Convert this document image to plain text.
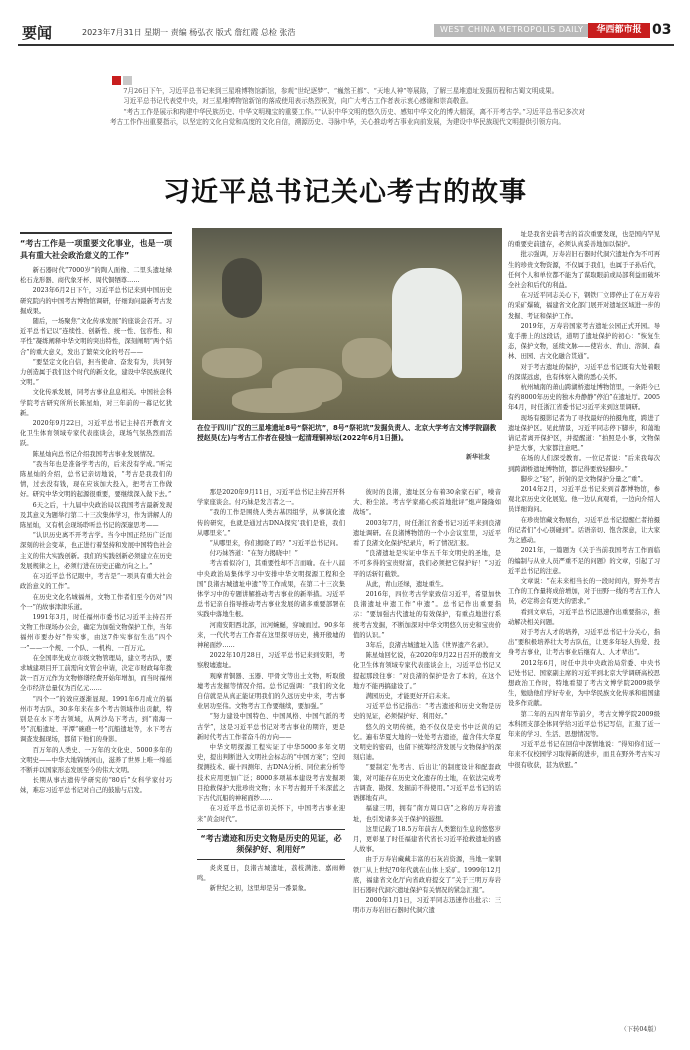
要闻	2023年7月31日 星期一 责编 杨弘衣 版式 詹红霞 总检 张浩	WEST CHINA METROPOLIS DAILY	华西都市报 03

7月26日下午，习近平总书记来到三星堆博物馆新馆，参观“世纪逐梦”、“巍然王都”、“天地人神”等展陈，了解三星堆遗址发掘历程和古蜀文明成果。

习近平总书记代表党中央，对三星堆博物馆新馆的落成使用表示热烈祝贺，向广大考古工作者表示衷心感谢和崇高敬意。

“考古工作是展示和构建中华民族历史、中华文明瑰宝的重要工作。”“认识中华文明的悠久历史、感知中华文化的博大精深，离不开考古学。”习近平总书记多次对考古工作作出重要指示，以坚定的文化自觉和高度的文化自信，溯源历史、寻脉中华，关心推动考古事业向前发展，为建设中华民族现代文明提供引领方向。

习近平总书记关心考古的故事
“考古工作是一项重要文化事业，也是一项具有重大社会政治意义的工作”

新石器时代“7000岁”的陶人面像、二里头遗址绿松石龙形器、商代象牙杯、周代铜牺尊……

2023年6月2日下午，习近平总书记来到中国历史研究院内的中国考古博物馆调研，仔细询问最新考古发掘成果。

随后，一场聚焦“文化传承发展”的座谈会召开。习近平总书记以“连续性、创新性、统一性、包容性、和平性”凝练阐释中华文明的突出特性，深刻阐明“两个结合”的重大意义，发出了繁荣文化的号召——

“要坚定文化自信，担当使命、奋发有为，共同努力创造属于我们这个时代的新文化，建设中华民族现代文明。”

文化传承发展，同考古事业息息相关。中国社会科学院考古研究所所长陈星灿，对三年前的一幕记忆犹新。

2020年9月22日，习近平总书记主持召开教育文化卫生体育领域专家代表座谈会，现场气氛热烈而活跃。

陈星灿向总书记介绍我国考古事业发展情况。

“我当年也是准备学考古的，后来没有学成。”听完陈星灿的介绍，总书记亲切地说，“考古是我我们的情，过去没有钱，现在应该加大投入，把考古工作做好。研究中华文明的起源很重要，要继续深入做下去。”

6天之后，十九届中央政治局以我国考古最新发现及其意义为题举行第二十三次集体学习，作为讲解人的陈星灿，又有机会现场聆听总书记的深邃思考——

“认识历史离不开考古学。当今中国正经历广泛而深刻的社会变革，也正进行着坚持和发展中国特色社会主义的伟大实践创新。我们的实践创新必须建立在历史发展规律之上，必须行进在历史正确方向之上。”

在习近平总书记眼中，考古是“一项具有重大社会政治意义的工作”。

在历史文化名城福州，文物工作者们至今仍对“四个一”的故事津津乐道。

1991年3月，时任福州市委书记习近平主持召开文物工作现场办公会，确定为加强文物保护工作，当年福州市要办好“件实事，由这7件实事衍生出“四个一”——一个规、一个队、一机构、一百万元。

在全国率先成立市级文物管理局，建立考古队，要求城建项目开工前需向文管会申请，决定市财政每年拨款一百万元作为文物修缮经费开始年增加，而当时福州全市经济总量仅为百亿元……

“四个一”的效应逐渐显现。1991年6月成立的福州市考古队，30多年来在多个考古领域作出贡献，特别是在水下考古领域，从两沙岛下考古，到“南海一号”沉船遗址、平潭“碗礁一号”沉船遗址等，水下考古调查发掘现场，都留下他们的身影。

百万年的人类史、一万年的文化史、5000多年的文明史——中华大地锦绣河山，滋养了世界上唯一绵延不断并以国家形态发展至今的伟大文明。

长期从事古遗传学研究的“80后”女科学家付巧妹，难忘习近平总书记对自己的鼓励与启发。

在位于四川广汉的三星堆遗址8号“祭祀坑”，8号“祭祀坑”发掘负责人、北京大学考古文博学院副教授赵昊(左)与考古工作者在侵蚀一起清理铜神坛(2022年6月1日摄)。
新华社发

那是2020年9月11日，习近平总书记主持召开科学家座谈会。付巧妹是发言者之一。

“我的工作是围绕人类古基因组学，从事演化遗传的研究，也就是通过古DNA探究‘我们是谁，我们从哪里来’。”

“从哪里来，你们揭晓了吗？”习近平总书记问。

付巧妹答道：“在努力揭晓中！”

考古看似冷门，其重要性却不言而喻。在十八届中央政治局集体学习中安排中华文明探源工程和全国“良渚古城遗址申遗”等工作成果，在第二十三次集体学习中的专题讲解推动考古事业的新举措。习近平总书记亲自指导推动考古事业发展的诸多重要部署在实践中落地生根。

河南安阳西北部，洹河蜿蜒，穿城而过。90多年来，一代代考古工作者在这里探寻历史，拂开殷墟的神秘面纱……

2022年10月28日，习近平总书记来到安阳，考察殷墟遗址。

观摩青铜器、玉器、甲骨文等出土文物，听取殷墟考古发掘等情况介绍。总书记强调：“我们的文化自信就是从真正能证明我们的久远历史中来，考古事业居功至伟。文物考古工作要继续，要加强。”

“努力建设中国特色、中国风格、中国气派的考古学”，这是习近平总书记对考古事业的期许，更是新时代考古工作者奋斗的方向——

中华文明探源工程实证了中华5000多年文明史，提出判断进入文明社会标志的“中国方案”；空间探测技术、碳十四测年、古DNA分析、同位素分析等技术应用更加广泛；8000多项基本建设考古发掘项目抢救保护大批珍贵文物；水下考古揭开千米深蓝之下古代沉船的神秘面纱……

在习近平总书记亲切关怀下，中国考古事业迎来“黄金时代”。

“考古遗迹和历史文物是历史的见证，必须保护好、利用好”

炎炎夏日，良渚古城遗址，荔枝满池、嘉雨蝉鸣。

新世纪之初，这里却是另一番景象。

彼时的良渚，遗址区分布着30余家石矿，噪音大、粉尘浓。考古学家痛心疾首地批评“炮声隆隆如战场”。

2003年7月，时任浙江省委书记习近平来到良渚遗址调研。在良渚博物馆的一个小会议室里，习近平看了良渚文化保护纪录片，听了情况汇报。

“良渚遗址是实证中华五千年文明史的圣地，是不可多得的宝贵财富，我们必须把它保护好！”习近平的话斩钉截铁。

从此，青山还绿，遗址重生。

2016年，四位考古学家致信习近平，希望加快良渚遗址申遗工作“申遗”。总书记作出重要指示：“要加强古代遗址的有效保护，有重点地进行系统考古发掘，不断加深对中华文明悠久历史和宝贵价值的认识。”

3年后，良渚古城遗址入选《世界遗产名录》。

陈星灿回忆说，在2020年9月22日召开的教育文化卫生体育领域专家代表座谈会上，习近平总书记又提起那段往事：“对良渚的保护是舍了本的，在这个地方不能再搞建设了。”

满园历史，才能更好开启未来。

习近平总书记指出：“考古遗迹和历史文物是历史的见证，必须保护好、利用好。”

悠久的文明传统，绝不仅仅是史书中泛黄的记忆。遍布华夏大地的一处处考古遗迹，蕴含伟大华夏文明史的密码，也留下统筹经济发展与文物保护的深刻启迪。

“要制定‘先考古、后出让’的制度设计和配套政策，对可能存在历史文化遗存的土地，在依法完成考古调查、勘探、发掘前不得使用。”习近平总书记的话语掷地有声。

福建三明，拥有“南方周口店”之称的万寿岩遗址，也引发诸多关于保护的遐想。

这里记载了18.5万年前古人类繁衍生息的悠悠岁月，更彰显了时任福建省代省长习近平抢救遗址的感人故事。

由于万寿岩藏藏丰富的石灰岩资源，当地一家钢铁厂从上世纪70年代就在山体上采矿。1999年12月底，福建省文化厅向省政府提交了“关于三明万寿岩旧石器时代洞穴遗址保护有关情况的紧急汇报”。

2000年1月1日，习近平同志迅速作出批示：三明市万寿岩旧石器时代洞穴遗

址是我省史前考古的首次重要发现，也是国内罕见的重要史前遗存，必须认真妥善地加以保护。

批示强调，万寿岩旧石器时代洞穴遗址作为不可再生的珍贵文物资源，不仅属于我们，也属于子孙后代，任何个人和单位都不能为了谋取眼前或局部利益而破坏全社会和后代的利益。

在习近平同志关心下，钢铁厂立即停止了在万寿岩的采矿爆破，福建省文化部门展开对遗址区域进一步的发掘、考证和保护工作。

2019年，万寿岩国家考古遗址公园正式开园。导览手册上的这段话，道明了遗址保护的初心：“恢复生态，保护文物，延续文脉——使岩水、青山、溶洞、森林、田园、古文化融合贯通”。

对于考古遗址的保护，习近平总书记既有大处着眼的深谋远虑，也有体察入微的悉心关怀。

杭州城南的萧山跨湖桥遗址博物馆里，一条距今已有约8000年历史的独木舟静静“停泊”在遗址厅。2005年4月，时任浙江省委书记习近平来到这里调研。

现场有摄影记者为了寻找最好的拍摄角度，跨进了遗址保护区。见此情景，习近平同志停下脚步，和蔼地请记者离开保护区，并提醒道：“拍照是小事，文物保护是大事，大家都注意吧。”

在场的人们深受教育。一位记者说：“后来我每次到跨湖桥遗址博物馆，都记得要放轻脚步。”

脚步之“轻”，折射的是文物保护分量之“重”。

2014年2月，习近平总书记来到首都博物馆，参观北京历史文化展览。他一边认真观看，一边向介绍人员详细询问。

在珍贵馆藏文物展台，习近平总书记提醒仁者拍摄的记者们“小心别碰到”。话语亲切、饱含深意，让大家为之感动。

2021年，一篇题为《关于当前我国考古工作面临的编制与从业人员严重不足的问题》的文章，引起了习近平总书记的注意。

文章说：“在未来相当长的一段时间内，野外考古工作的工作量将成倍增加，对于田野一线的考古工作人员，必定将会有更大的需求。”

看到文章后，习近平总书记迅速作出重要指示，推动解决相关问题。

对于考古人才的培养，习近平总书记十分关心，指出“要积极培养壮大考古队伍，让更多年轻人热爱、投身考古事业，让考古事业后继有人、人才辈出”。

2012年6月，时任中共中央政治局常委、中央书记处书记、国家副主席的习近平到北京大学调研高校思想政治工作时，特地看望了考古文博学院2009级学生，勉励他们学好专业，为中华民族文化传承和祖国建设多作贡献。

第二年的五四青年节前夕，考古文博学院2009级本科团支部全体同学给习近平总书记写信，汇报了近一年来的学习、生活、思想情况等。

习近平总书记在回信中深情地说：“得知你们近一年来不仅校园学习取得新的进步，而且在野外考古实习中很有收获，甚为欣慰。”

（下转04版）
